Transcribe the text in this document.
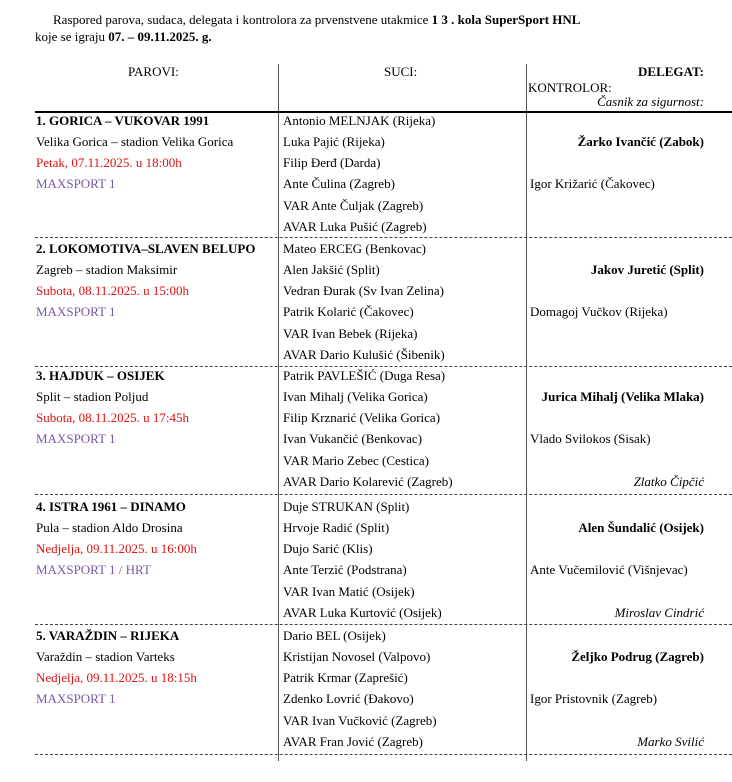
Raspored parova, sudaca, delegata i kontrolora za prvenstvene utakmice 1 3 . kola SuperSport HNL
koje se igraju 07. – 09.11.2025. g.
PAROVI:	SUCI:	DELEGAT:
KONTROLOR:
Časnik za sigurnost:
1. GORICA – VUKOVAR 1991
Velika Gorica – stadion Velika Gorica
Petak, 07.11.2025. u 18:00h
MAXSPORT 1
Antonio MELNJAK (Rijeka)
Luka Pajić (Rijeka)
Filip Đerđ (Darda)
Ante Čulina (Zagreb)
VAR Ante Čuljak (Zagreb)
AVAR Luka Pušić (Zagreb)
Žarko Ivančić (Zabok)
Igor Križarić (Čakovec)
2. LOKOMOTIVA–SLAVEN BELUPO
Zagreb – stadion Maksimir
Subota, 08.11.2025. u 15:00h
MAXSPORT 1
Mateo ERCEG (Benkovac)
Alen Jakšić (Split)
Vedran Đurak (Sv Ivan Zelina)
Patrik Kolarić (Čakovec)
VAR Ivan Bebek (Rijeka)
AVAR Dario Kulušić (Šibenik)
Jakov Juretić (Split)
Domagoj Vučkov (Rijeka)
3. HAJDUK – OSIJEK
Split – stadion Poljud
Subota, 08.11.2025. u 17:45h
MAXSPORT 1
Patrik PAVLEŠIĆ (Duga Resa)
Ivan Mihalj (Velika Gorica)
Filip Krznarić (Velika Gorica)
Ivan Vukančić (Benkovac)
VAR Mario Zebec (Cestica)
AVAR Dario Kolarević (Zagreb)
Jurica Mihalj (Velika Mlaka)
Vlado Svilokos (Sisak)
Zlatko Čipčić
4. ISTRA 1961 – DINAMO
Pula – stadion Aldo Drosina
Nedjelja, 09.11.2025. u 16:00h
MAXSPORT 1 / HRT
Duje STRUKAN (Split)
Hrvoje Radić (Split)
Dujo Sarić (Klis)
Ante Terzić (Podstrana)
VAR Ivan Matić (Osijek)
AVAR Luka Kurtović (Osijek)
Alen Šundalić (Osijek)
Ante Vučemilović (Višnjevac)
Miroslav Cindrić
5. VARAŽDIN – RIJEKA
Varaždin – stadion Varteks
Nedjelja, 09.11.2025. u 18:15h
MAXSPORT 1
Dario BEL (Osijek)
Kristijan Novosel (Valpovo)
Patrik Krmar (Zaprešić)
Zdenko Lovrić (Đakovo)
VAR Ivan Vučković (Zagreb)
AVAR Fran Jović (Zagreb)
Željko Podrug (Zagreb)
Igor Pristovnik (Zagreb)
Marko Svilić
